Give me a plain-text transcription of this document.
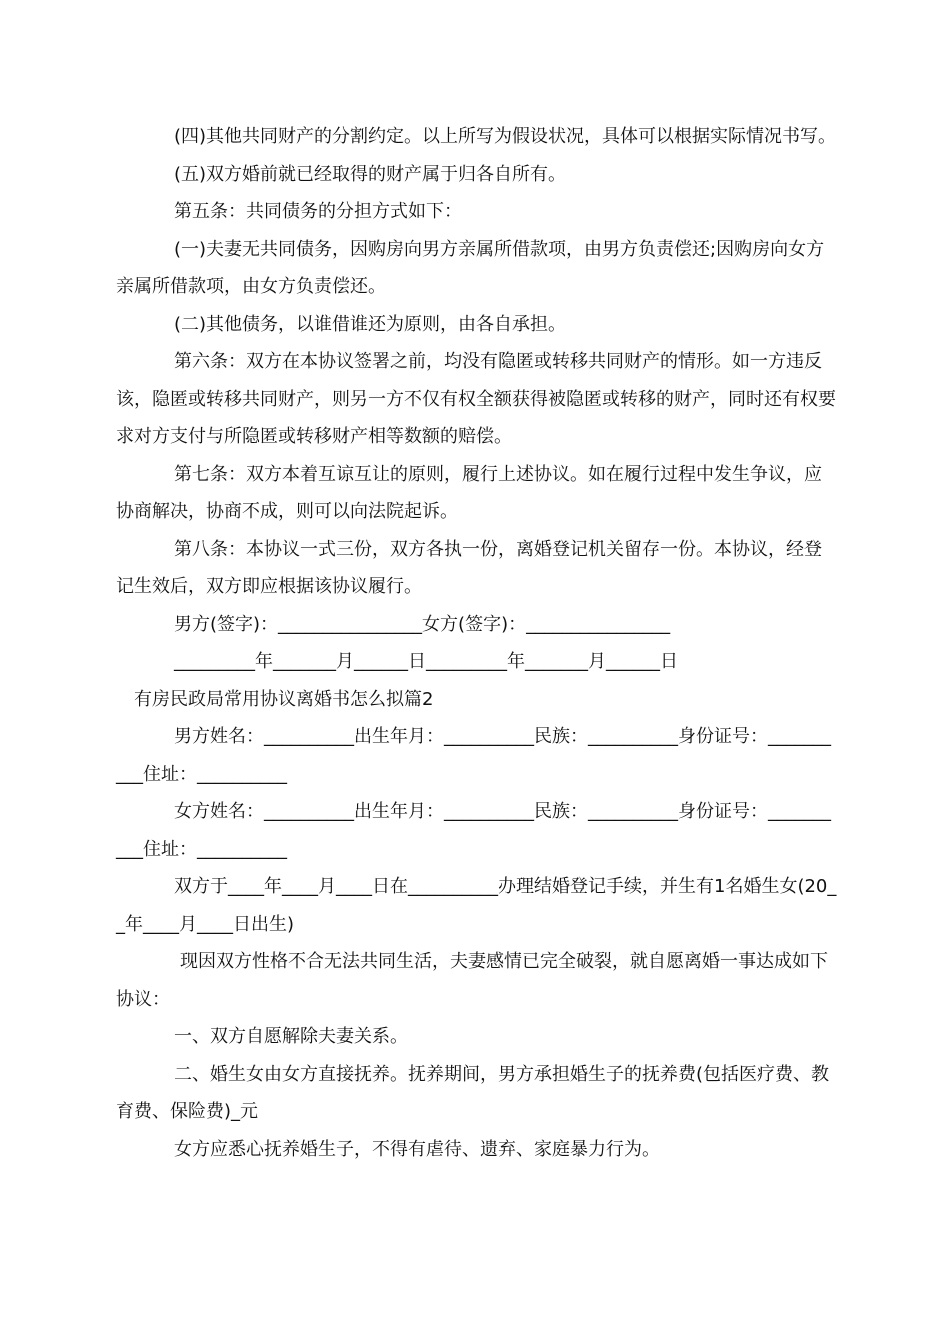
(四)其他共同财产的分割约定。以上所写为假设状况，具体可以根据实际情况书写。

(五)双方婚前就已经取得的财产属于归各自所有。

第五条：共同债务的分担方式如下：

(一)夫妻无共同债务，因购房向男方亲属所借款项，由男方负责偿还;因购房向女方亲属所借款项，由女方负责偿还。

(二)其他债务，以谁借谁还为原则，由各自承担。

第六条：双方在本协议签署之前，均没有隐匿或转移共同财产的情形。如一方违反该，隐匿或转移共同财产，则另一方不仅有权全额获得被隐匿或转移的财产，同时还有权要求对方支付与所隐匿或转移财产相等数额的赔偿。

第七条：双方本着互谅互让的原则，履行上述协议。如在履行过程中发生争议，应协商解决，协商不成，则可以向法院起诉。

第八条：本协议一式三份，双方各执一份，离婚登记机关留存一份。本协议，经登记生效后，双方即应根据该协议履行。

男方(签字)：________________女方(签字)：________________

_________年_______月______日_________年_______月______日

有房民政局常用协议离婚书怎么拟篇2

男方姓名：__________出生年月：__________民族：__________身份证号：__________住址：__________

女方姓名：__________出生年月：__________民族：__________身份证号：__________住址：__________

双方于____年____月____日在__________办理结婚登记手续，并生有1名婚生女(20__年____月____日出生)

现因双方性格不合无法共同生活，夫妻感情已完全破裂，就自愿离婚一事达成如下协议：

一、双方自愿解除夫妻关系。

二、婚生女由女方直接抚养。抚养期间，男方承担婚生子的抚养费(包括医疗费、教育费、保险费)_元

女方应悉心抚养婚生子，不得有虐待、遗弃、家庭暴力行为。
